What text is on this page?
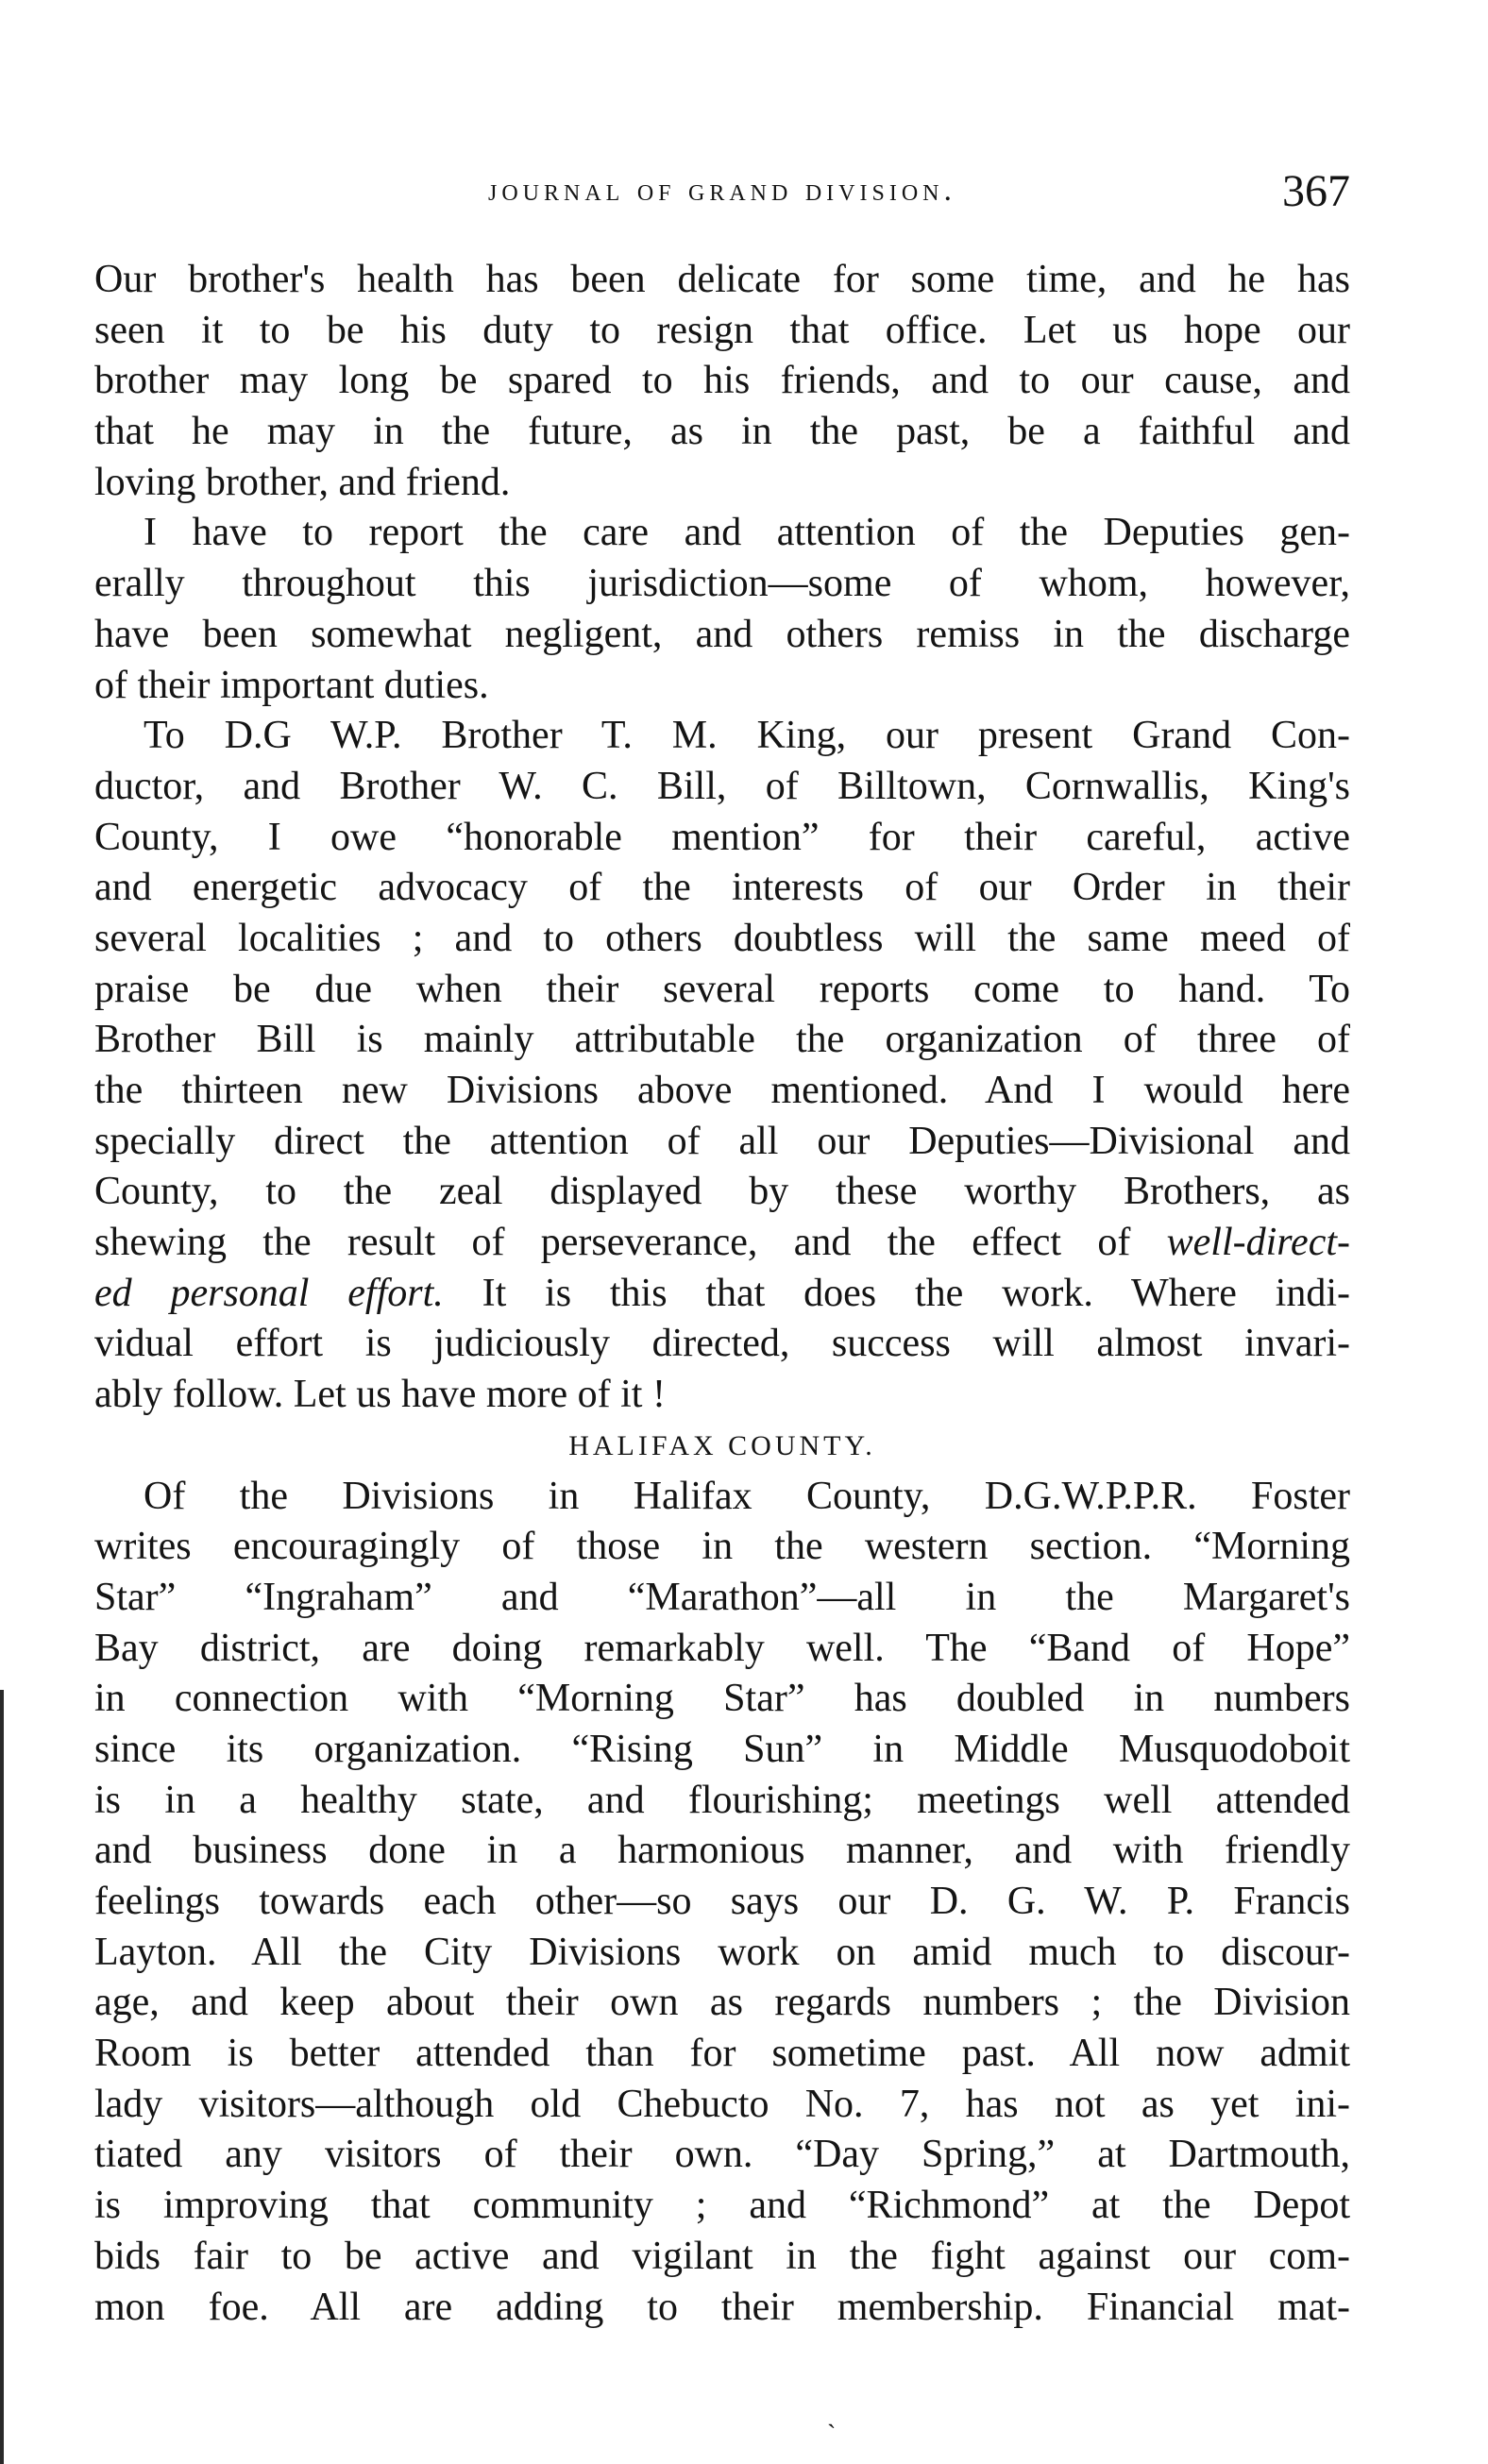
journal of grand division.	367
Our brother's health has been delicate for some time, and he has
seen it to be his duty to resign that office. Let us hope our
brother may long be spared to his friends, and to our cause, and
that he may in the future, as in the past, be a faithful and
loving brother, and friend.
I have to report the care and attention of the Deputies gen-
erally throughout this jurisdiction—some of whom, however,
have been somewhat negligent, and others remiss in the discharge
of their important duties.
To D.G W.P. Brother T. M. King, our present Grand Con-
ductor, and Brother W. C. Bill, of Billtown, Cornwallis, King's
County, I owe “honorable mention” for their careful, active
and energetic advocacy of the interests of our Order in their
several localities ; and to others doubtless will the same meed of
praise be due when their several reports come to hand. To
Brother Bill is mainly attributable the organization of three of
the thirteen new Divisions above mentioned. And I would here
specially direct the attention of all our Deputies—Divisional and
County, to the zeal displayed by these worthy Brothers, as
shewing the result of perseverance, and the effect of well-direct-
ed personal effort. It is this that does the work. Where indi-
vidual effort is judiciously directed, success will almost invari-
ably follow. Let us have more of it !
HALIFAX COUNTY.
Of the Divisions in Halifax County, D.G.W.P.P.R. Foster
writes encouragingly of those in the western section. “Morning
Star” “Ingraham” and “Marathon”—all in the Margaret's
Bay district, are doing remarkably well. The “Band of Hope”
in connection with “Morning Star” has doubled in numbers
since its organization. “Rising Sun” in Middle Musquodoboit
is in a healthy state, and flourishing; meetings well attended
and business done in a harmonious manner, and with friendly
feelings towards each other—so says our D. G. W. P. Francis
Layton. All the City Divisions work on amid much to discour-
age, and keep about their own as regards numbers ; the Division
Room is better attended than for sometime past. All now admit
lady visitors—although old Chebucto No. 7, has not as yet ini-
tiated any visitors of their own. “Day Spring,” at Dartmouth,
is improving that community ; and “Richmond” at the Depot
bids fair to be active and vigilant in the fight against our com-
mon foe. All are adding to their membership. Financial mat-
ˎ
